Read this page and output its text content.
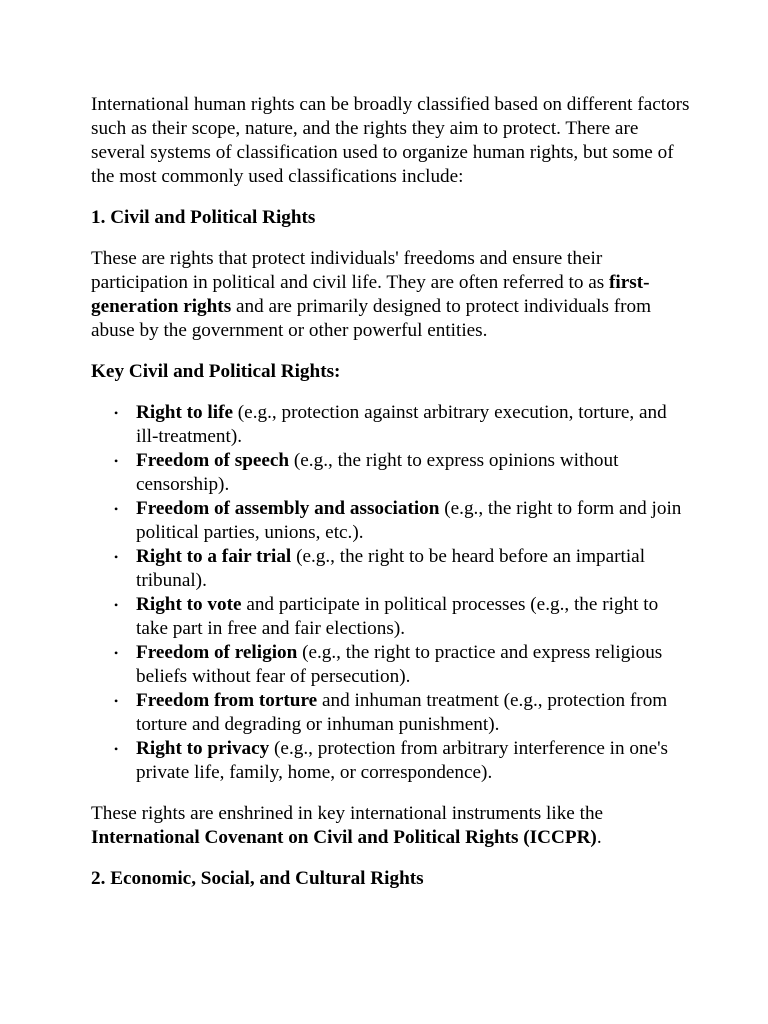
International human rights can be broadly classified based on different factors such as their scope, nature, and the rights they aim to protect. There are several systems of classification used to organize human rights, but some of the most commonly used classifications include:

1. Civil and Political Rights

These are rights that protect individuals' freedoms and ensure their participation in political and civil life. They are often referred to as first-generation rights and are primarily designed to protect individuals from abuse by the government or other powerful entities.

Key Civil and Political Rights:

• Right to life (e.g., protection against arbitrary execution, torture, and ill-treatment).
• Freedom of speech (e.g., the right to express opinions without censorship).
• Freedom of assembly and association (e.g., the right to form and join political parties, unions, etc.).
• Right to a fair trial (e.g., the right to be heard before an impartial tribunal).
• Right to vote and participate in political processes (e.g., the right to take part in free and fair elections).
• Freedom of religion (e.g., the right to practice and express religious beliefs without fear of persecution).
• Freedom from torture and inhuman treatment (e.g., protection from torture and degrading or inhuman punishment).
• Right to privacy (e.g., protection from arbitrary interference in one's private life, family, home, or correspondence).

These rights are enshrined in key international instruments like the International Covenant on Civil and Political Rights (ICCPR).

2. Economic, Social, and Cultural Rights
